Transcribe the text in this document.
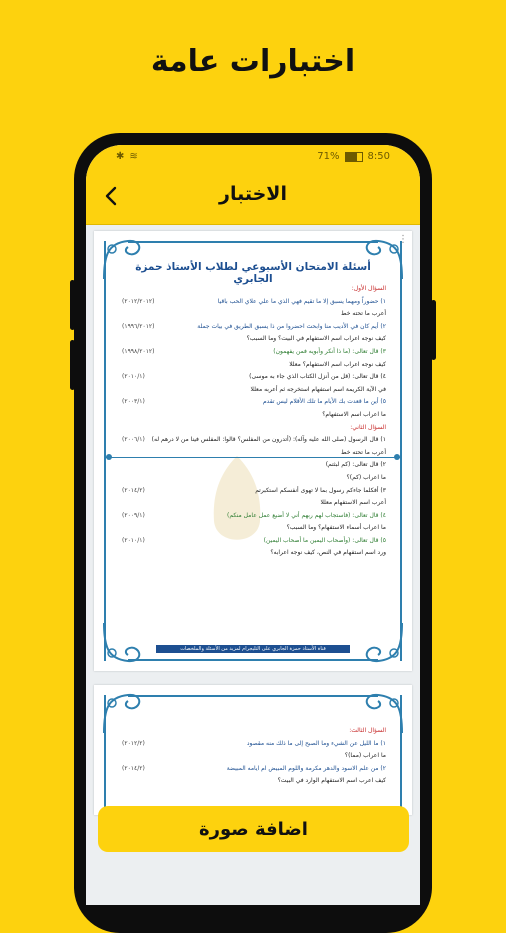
اختبارات عامة
✱ ≋	71%	8:50
الاختبار
⋮
أسئلة الامتحان الأسبوعي لطلاب الأستاذ حمزة الجابري
السؤال الأول:
١) حضوراً ومهما يسبق إلا ما تقيم فهي الذي ما علي علاي الحب باقيا
(٢٠١٢/٢٠١٢)
أعرب ما تحته خط
٢) أيم كان في الأديب منا وابحث احضروا من ذا يسبق الطريق في بيات جملة
(١٩٩٦/٢٠١٢)
كيف نوجه اعراب اسم الاستفهام في البيت؟ وما السبب؟
٣) قال تعالى: (ما ذا أنكر وأبويه فمن يفهمون)
(١٩٩٨/٢٠١٢)
كيف نوجه اعراب اسم الاستفهام؟ معللا
٤) قال تعالى: (قل من أنزل الكتاب الذي جاء به موسى)
(٢٠١٠/١)
في الآية الكريمة اسم استفهام استخرجه ثم أعربه معللا
٥) أين ما قعدت بك الأيام ما تلك الأقلام ليس تقدم
(٢٠٠٣/١)
ما اعراب اسم الاستفهام؟
السؤال الثاني:
١) قال الرسول (صلى الله عليه وآله): (أتدرون من المفلس؟ قالوا: المفلس فينا من لا درهم له)
(٢٠٠٦/١)
أعرب ما تحته خط
٢) قال تعالى: (كم لبثتم)
ما اعراب (كم)؟
٣) أفكلما جاءكم رسول بما لا تهوى أنفسكم استكبرتم
(٢٠١٤/٢)
أعرب اسم الاستفهام معللا
٤) قال تعالى: (فاستجاب لهم ربهم أني لا أضيع عمل عامل منكم)
(٢٠٠٩/١)
ما اعراب أسماء الاستفهام؟ وما السبب؟
٥) قال تعالى: (وأصحاب اليمين ما أصحاب اليمين)
(٢٠١٠/١)
ورد اسم استفهام في النص، كيف نوجه اعرابه؟
قناة الأستاذ حمزة الجابري على التليجرام لمزيد من الأسئلة والملخصات
السؤال الثالث:
١) ما الليل عن الشيء وما الصبح إلى ما ذلك منه مقصود
(٢٠١٢/٢)
ما اعراب (مما)؟
٢) من علم الاسود والدهر مكرمة واللوم المبيض ام ايامه المبيضة
(٢٠١٤/٢)
كيف اعرب اسم الاستفهام الوارد في البيت؟
اضافة صورة
